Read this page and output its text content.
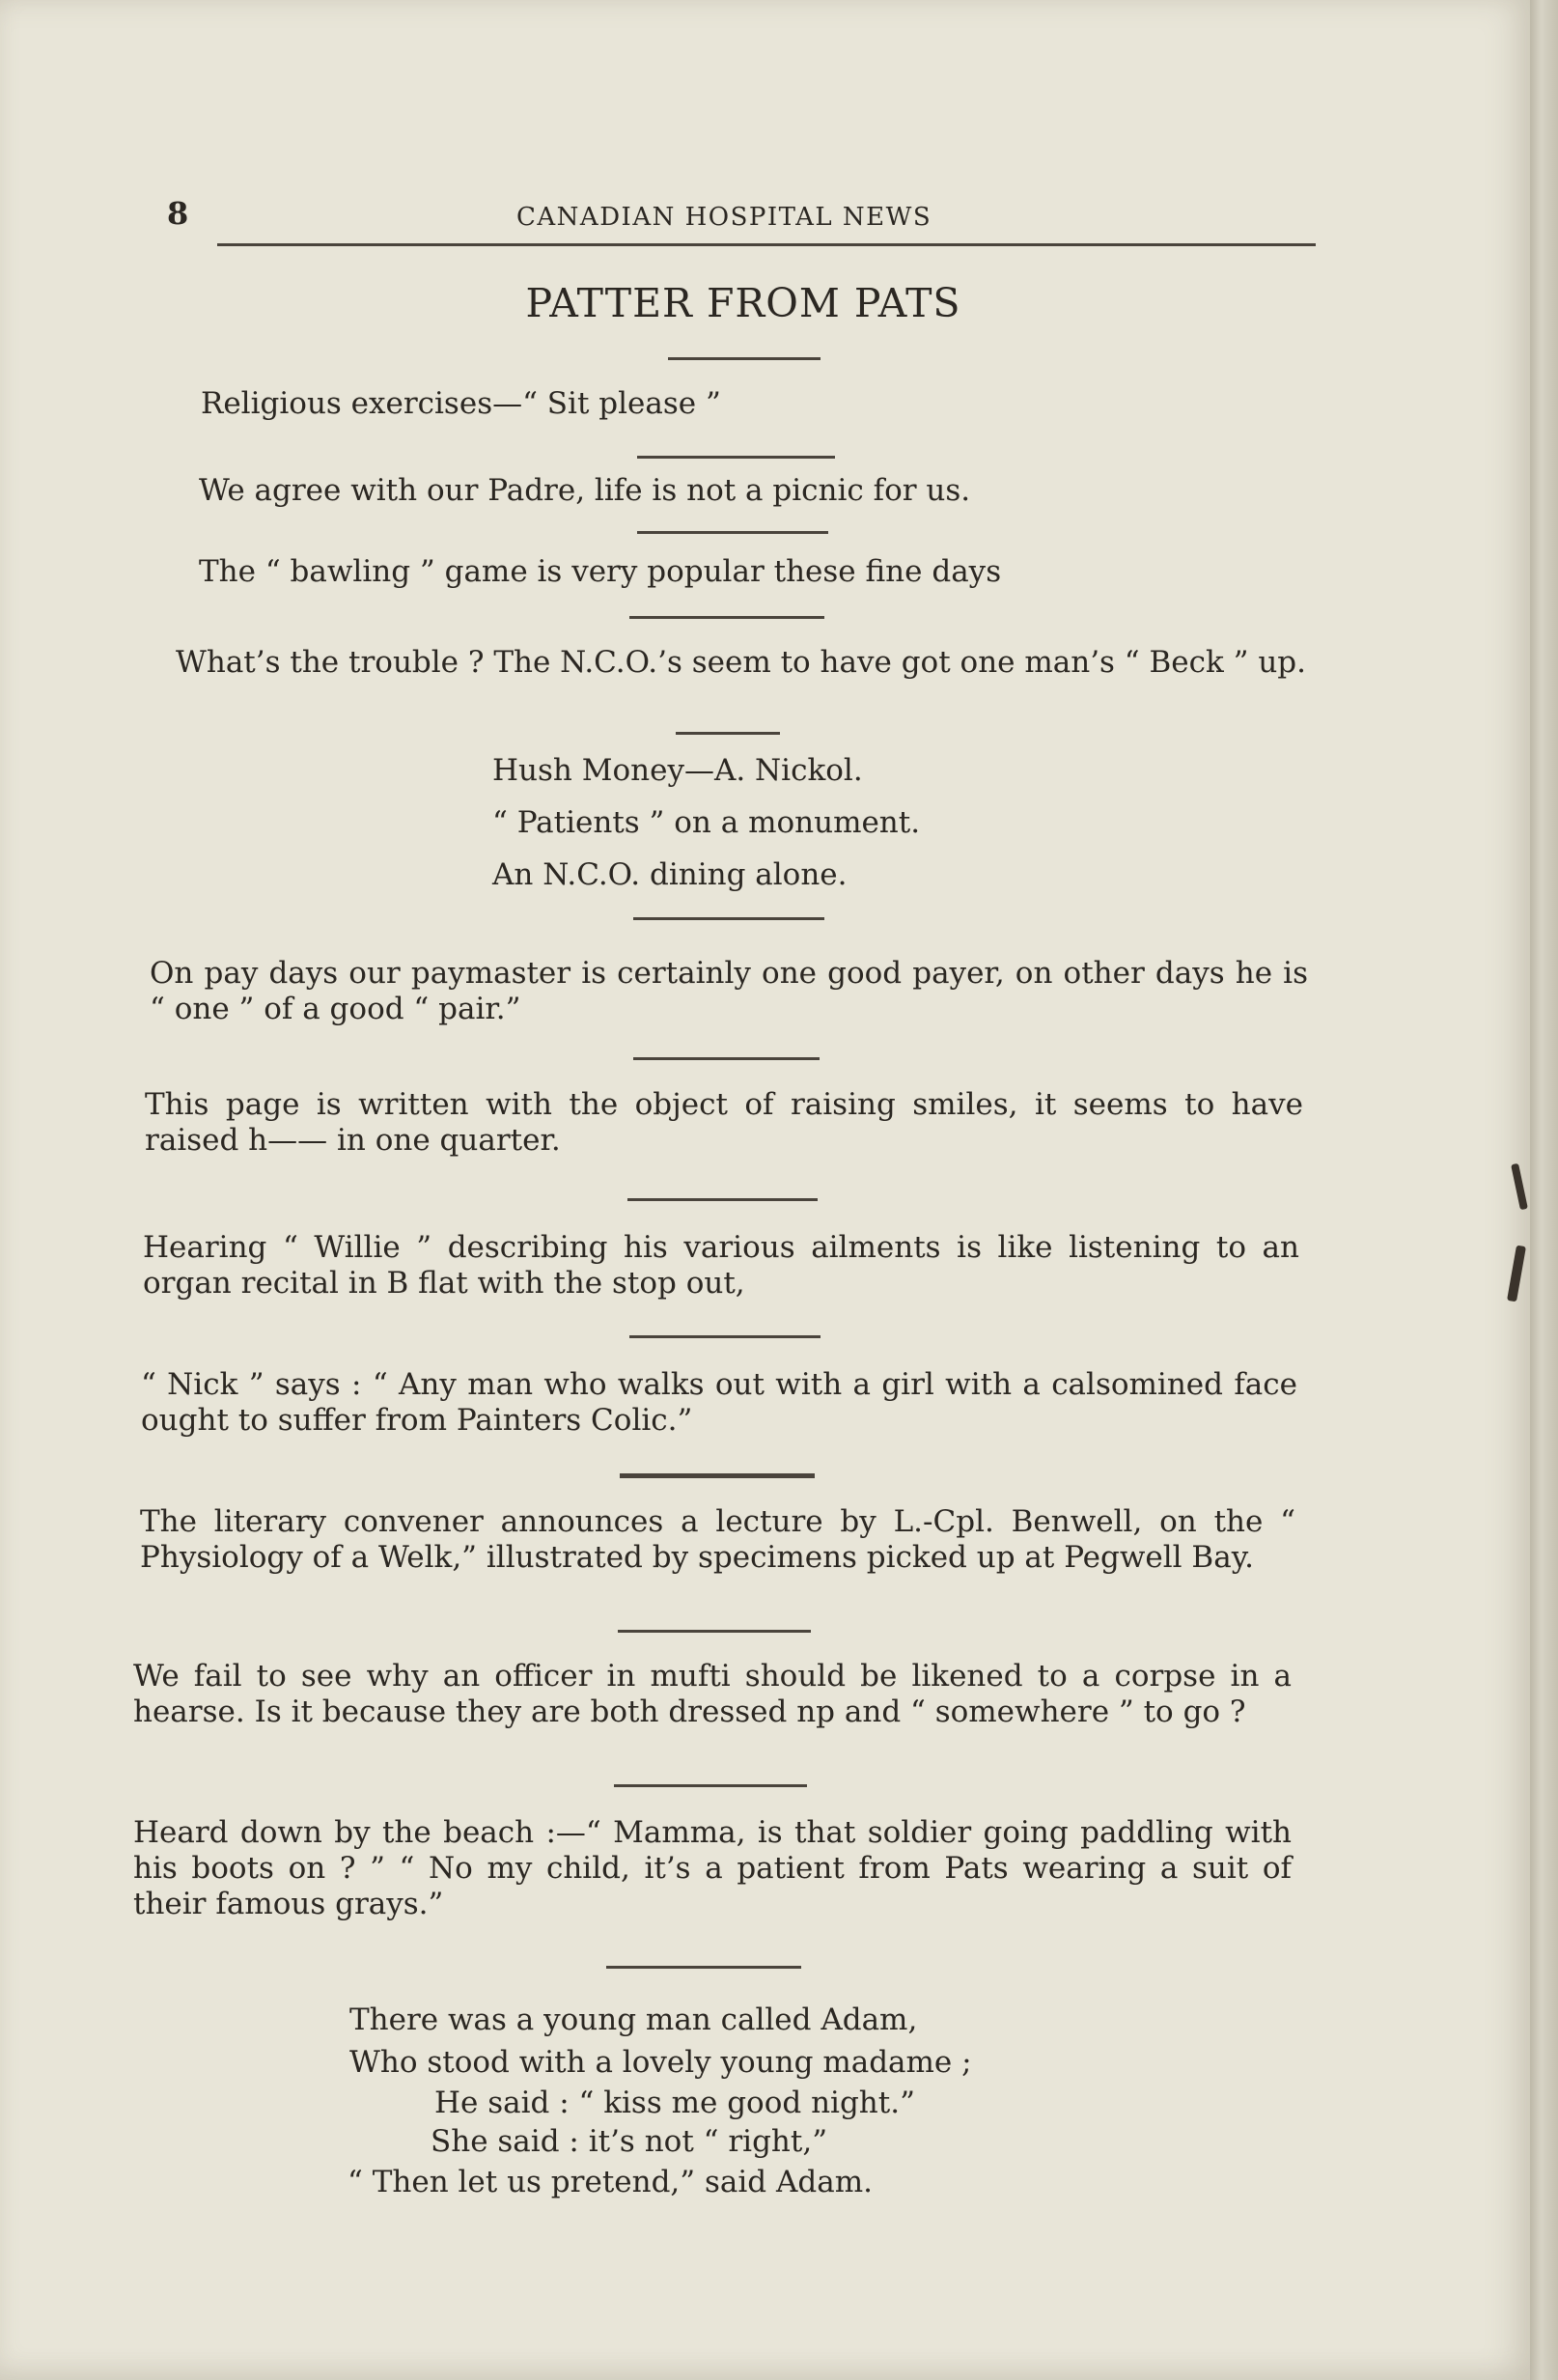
8	CANADIAN HOSPITAL NEWS
PATTER FROM PATS
Religious exercises—“ Sit please ”
We agree with our Padre, life is not a picnic for us.
The “ bawling ” game is very popular these fine days
What’s the trouble ? The N.C.O.’s seem to have got one man’s “ Beck ” up.
Hush Money—A. Nickol.
“ Patients ” on a monument.
An N.C.O. dining alone.
On pay days our paymaster is certainly one good payer, on other days he is “ one ” of a good “ pair.”
This page is written with the object of raising smiles, it seems to have raised h—— in one quarter.
Hearing “ Willie ” describing his various ailments is like listening to an organ recital in B flat with the stop out,
“ Nick ” says : “ Any man who walks out with a girl with a calsomined face ought to suffer from Painters Colic.”
The literary convener announces a lecture by L.-Cpl. Benwell, on the “ Physiology of a Welk,” illustrated by specimens picked up at Pegwell Bay.
We fail to see why an officer in mufti should be likened to a corpse in a hearse. Is it because they are both dressed np and “ somewhere ” to go ?
Heard down by the beach :—“ Mamma, is that soldier going paddling with his boots on ? ” “ No my child, it’s a patient from Pats wearing a suit of their famous grays.”
There was a young man called Adam,
Who stood with a lovely young madame ;
He said : “ kiss me good night.”
She said : it’s not “ right,”
“ Then let us pretend,” said Adam.
